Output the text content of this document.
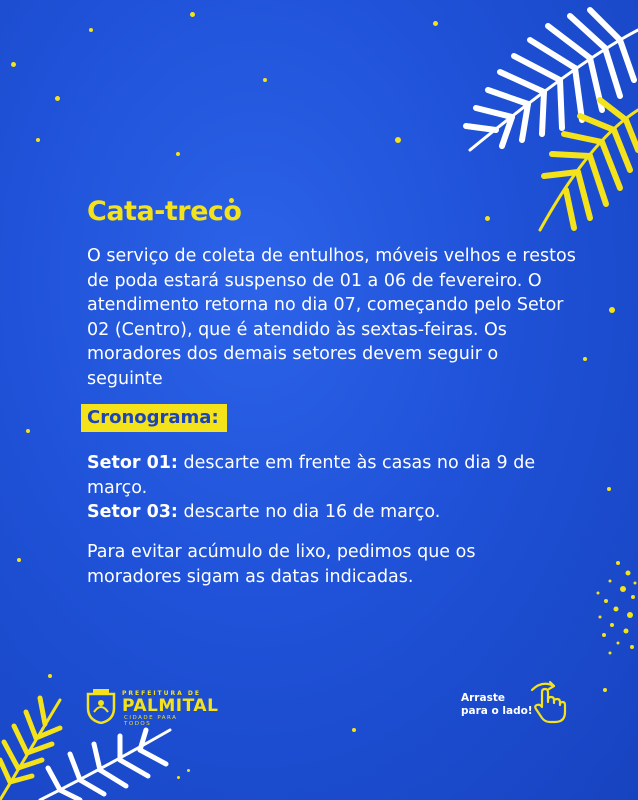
Cata-treco

O serviço de coleta de entulhos, móveis velhos e restos de poda estará suspenso de 01 a 06 de fevereiro. O atendimento retorna no dia 07, começando pelo Setor 02 (Centro), que é atendido às sextas-feiras. Os moradores dos demais setores devem seguir o seguinte

Cronograma:

Setor 01: descarte em frente às casas no dia 9 de março.
Setor 03: descarte no dia 16 de março.

Para evitar acúmulo de lixo, pedimos que os moradores sigam as datas indicadas.

PREFEITURA DE
PALMITAL
CIDADE PARA TODOS

Arraste
para o lado!
